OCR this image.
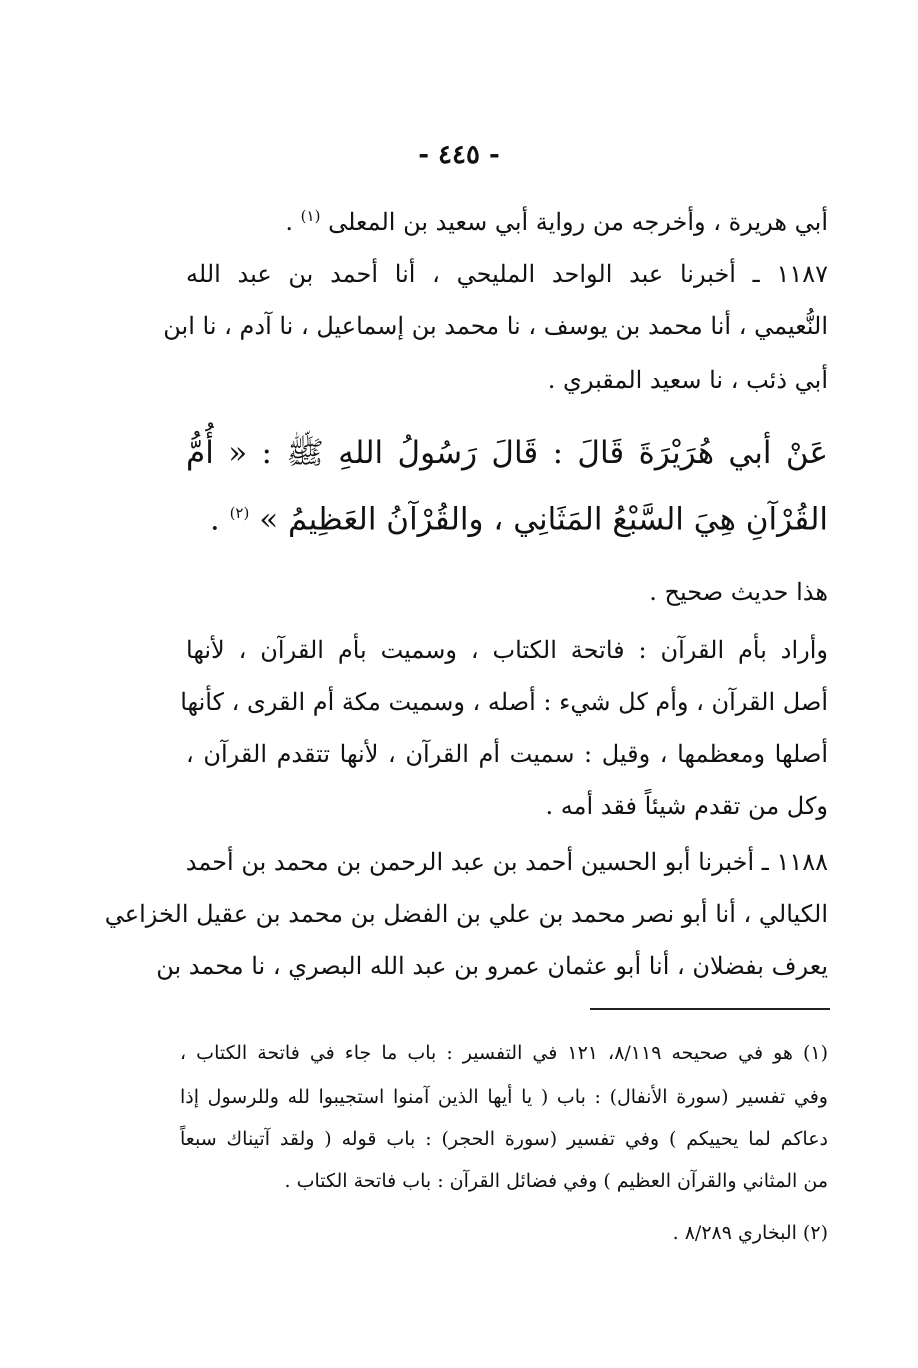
- ٤٤٥ -
أبي هريرة ، وأخرجه من رواية أبي سعيد بن المعلى $^{(١)}$ .
١١٨٧ ـ أخبرنا عبد الواحد المليحي ، أنا أحمد بن عبد الله
النُّعيمي ، أنا محمد بن يوسف ، نا محمد بن إسماعيل ، نا آدم ، نا ابن
أبي ذئب ، نا سعيد المقبري .
عَنْ أبي هُرَيْرَةَ قَالَ : قَالَ رَسُولُ اللهِ ﷺ : « أُمُّ
القُرْآنِ هِيَ السَّبْعُ المَثَانِي ، والقُرْآنُ العَظِيمُ » $^{(٢)}$ .
هذا حديث صحيح .
وأراد بأم القرآن : فاتحة الكتاب ، وسميت بأم القرآن ، لأنها
أصل القرآن ، وأم كل شيء : أصله ، وسميت مكة أم القرى ، كأنها
أصلها ومعظمها ، وقيل : سميت أم القرآن ، لأنها تتقدم القرآن ،
وكل من تقدم شيئاً فقد أمه .
١١٨٨ ـ أخبرنا أبو الحسين أحمد بن عبد الرحمن بن محمد بن أحمد
الكيالي ، أنا أبو نصر محمد بن علي بن الفضل بن محمد بن عقيل الخزاعي
يعرف بفضلان ، أنا أبو عثمان عمرو بن عبد الله البصري ، نا محمد بن
(١) هو في صحيحه ٨/١١٩، ١٢١ في التفسير : باب ما جاء في فاتحة الكتاب ،
وفي تفسير (سورة الأنفال) : باب ( يا أيها الذين آمنوا استجيبوا لله وللرسول إذا
دعاكم لما يحييكم ) وفي تفسير (سورة الحجر) : باب قوله ( ولقد آتيناك سبعاً
من المثاني والقرآن العظيم ) وفي فضائل القرآن : باب فاتحة الكتاب .
(٢) البخاري ٨/٢٨٩ .
